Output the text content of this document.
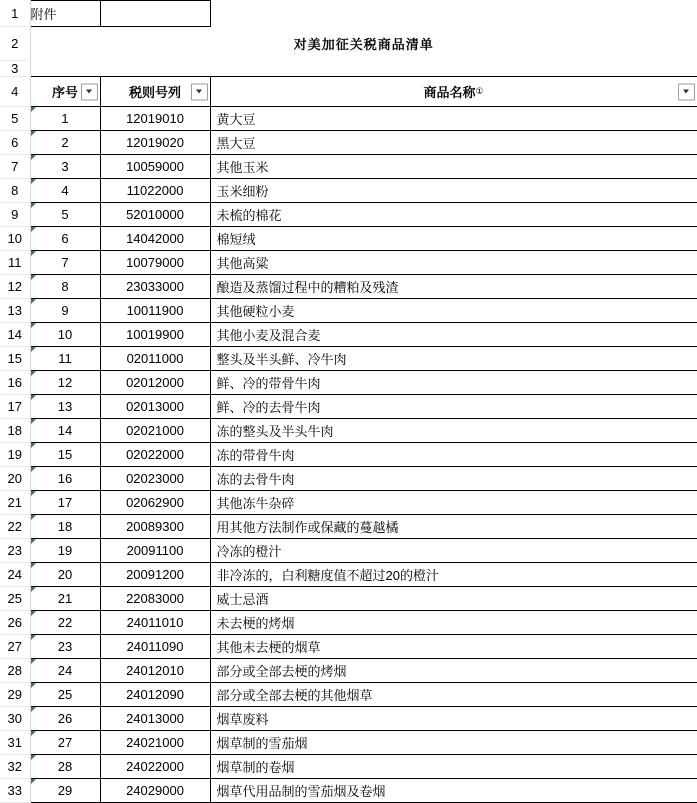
1	附件		
2	对美加征关税商品清单		
3			
4	序号	税则号列	商品名称 ①

5	1	12019010	黄大豆
6	2	12019020	黑大豆
7	3	10059000	其他玉米
8	4	11022000	玉米细粉
9	5	52010000	未梳的棉花
10	6	14042000	棉短绒
11	7	10079000	其他高粱
12	8	23033000	酿造及蒸馏过程中的糟粕及残渣
13	9	10011900	其他硬粒小麦
14	10	10019900	其他小麦及混合麦
15	11	02011000	整头及半头鲜、冷牛肉
16	12	02012000	鲜、冷的带骨牛肉
17	13	02013000	鲜、冷的去骨牛肉
18	14	02021000	冻的整头及半头牛肉
19	15	02022000	冻的带骨牛肉
20	16	02023000	冻的去骨牛肉
21	17	02062900	其他冻牛杂碎
22	18	20089300	用其他方法制作或保藏的蔓越橘
23	19	20091100	冷冻的橙汁
24	20	20091200	非冷冻的，白利糖度值不超过20的橙汁
25	21	22083000	威士忌酒
26	22	24011010	未去梗的烤烟
27	23	24011090	其他未去梗的烟草
28	24	24012010	部分或全部去梗的烤烟
29	25	24012090	部分或全部去梗的其他烟草
30	26	24013000	烟草废料
31	27	24021000	烟草制的雪茄烟
32	28	24022000	烟草制的卷烟
33	29	24029000	烟草代用品制的雪茄烟及卷烟
